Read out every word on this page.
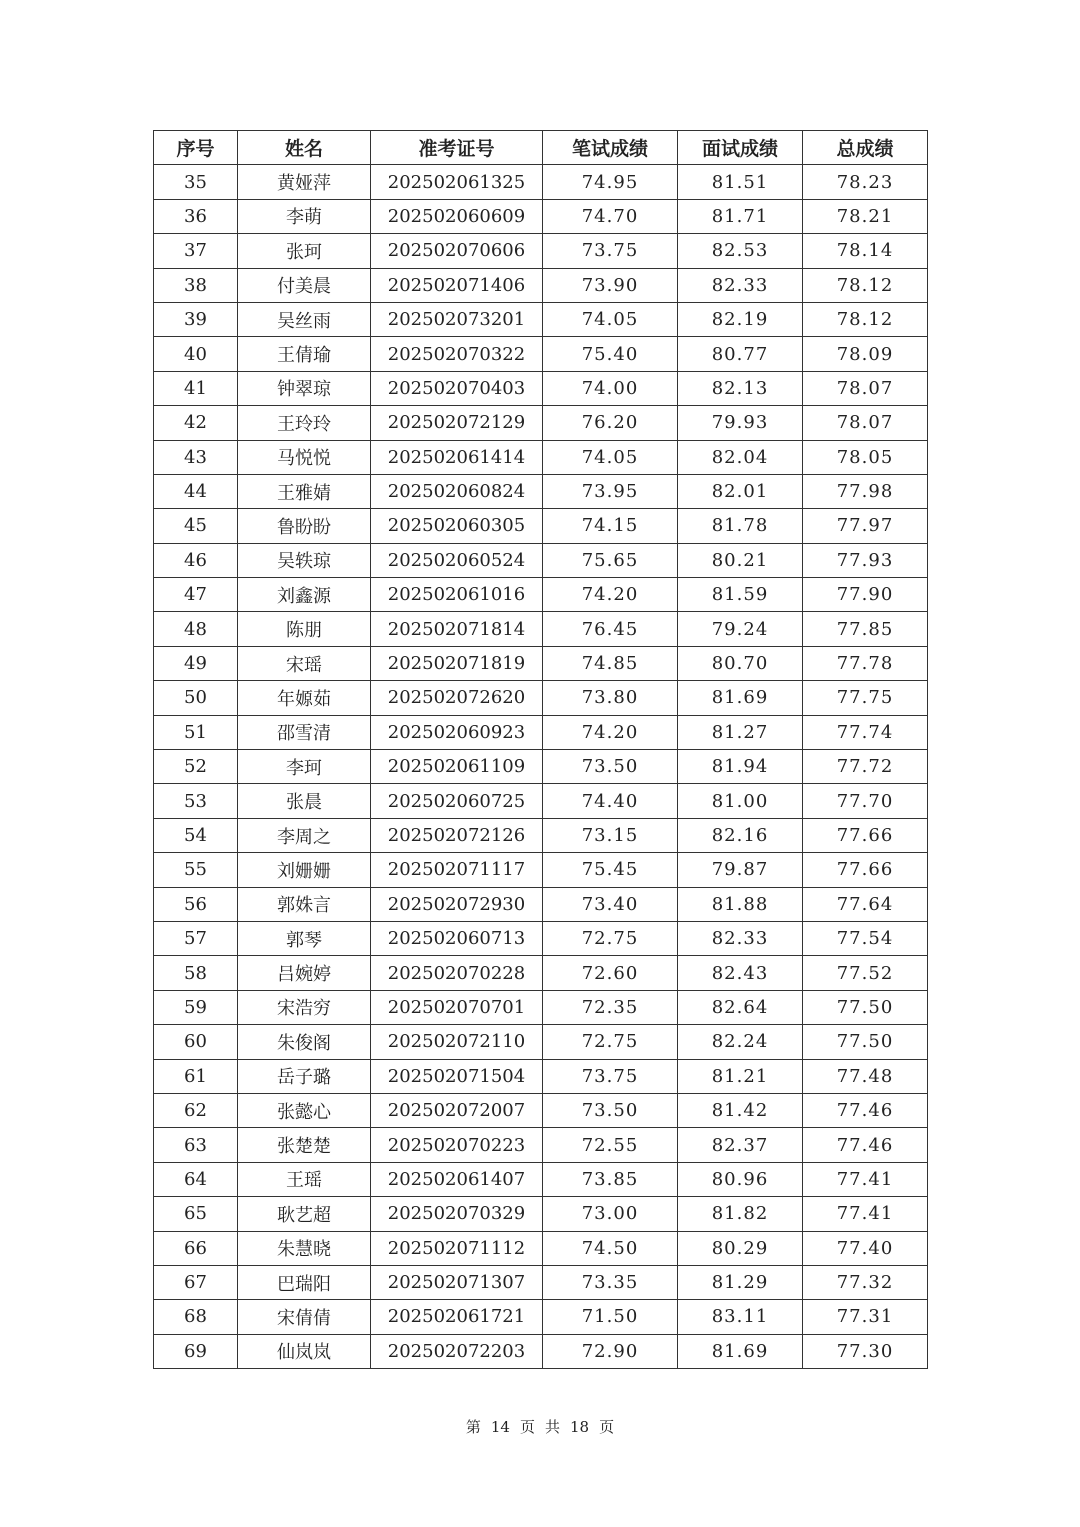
序号	姓名	准考证号	笔试成绩	面试成绩	总成绩
35	黄娅萍	202502061325	74.95	81.51	78.23
36	李萌	202502060609	74.70	81.71	78.21
37	张珂	202502070606	73.75	82.53	78.14
38	付美晨	202502071406	73.90	82.33	78.12
39	吴丝雨	202502073201	74.05	82.19	78.12
40	王倩瑜	202502070322	75.40	80.77	78.09
41	钟翠琼	202502070403	74.00	82.13	78.07
42	王玲玲	202502072129	76.20	79.93	78.07
43	马悦悦	202502061414	74.05	82.04	78.05
44	王雅婧	202502060824	73.95	82.01	77.98
45	鲁盼盼	202502060305	74.15	81.78	77.97
46	吴轶琼	202502060524	75.65	80.21	77.93
47	刘鑫源	202502061016	74.20	81.59	77.90
48	陈朋	202502071814	76.45	79.24	77.85
49	宋瑶	202502071819	74.85	80.70	77.78
50	年嫄茹	202502072620	73.80	81.69	77.75
51	邵雪清	202502060923	74.20	81.27	77.74
52	李珂	202502061109	73.50	81.94	77.72
53	张晨	202502060725	74.40	81.00	77.70
54	李周之	202502072126	73.15	82.16	77.66
55	刘姗姗	202502071117	75.45	79.87	77.66
56	郭姝言	202502072930	73.40	81.88	77.64
57	郭琴	202502060713	72.75	82.33	77.54
58	吕婉婷	202502070228	72.60	82.43	77.52
59	宋浩穷	202502070701	72.35	82.64	77.50
60	朱俊阁	202502072110	72.75	82.24	77.50
61	岳子璐	202502071504	73.75	81.21	77.48
62	张懿心	202502072007	73.50	81.42	77.46
63	张楚楚	202502070223	72.55	82.37	77.46
64	王瑶	202502061407	73.85	80.96	77.41
65	耿艺超	202502070329	73.00	81.82	77.41
66	朱慧晓	202502071112	74.50	80.29	77.40
67	巴瑞阳	202502071307	73.35	81.29	77.32
68	宋倩倩	202502061721	71.50	83.11	77.31
69	仙岚岚	202502072203	72.90	81.69	77.30
第 14 页 共 18 页
